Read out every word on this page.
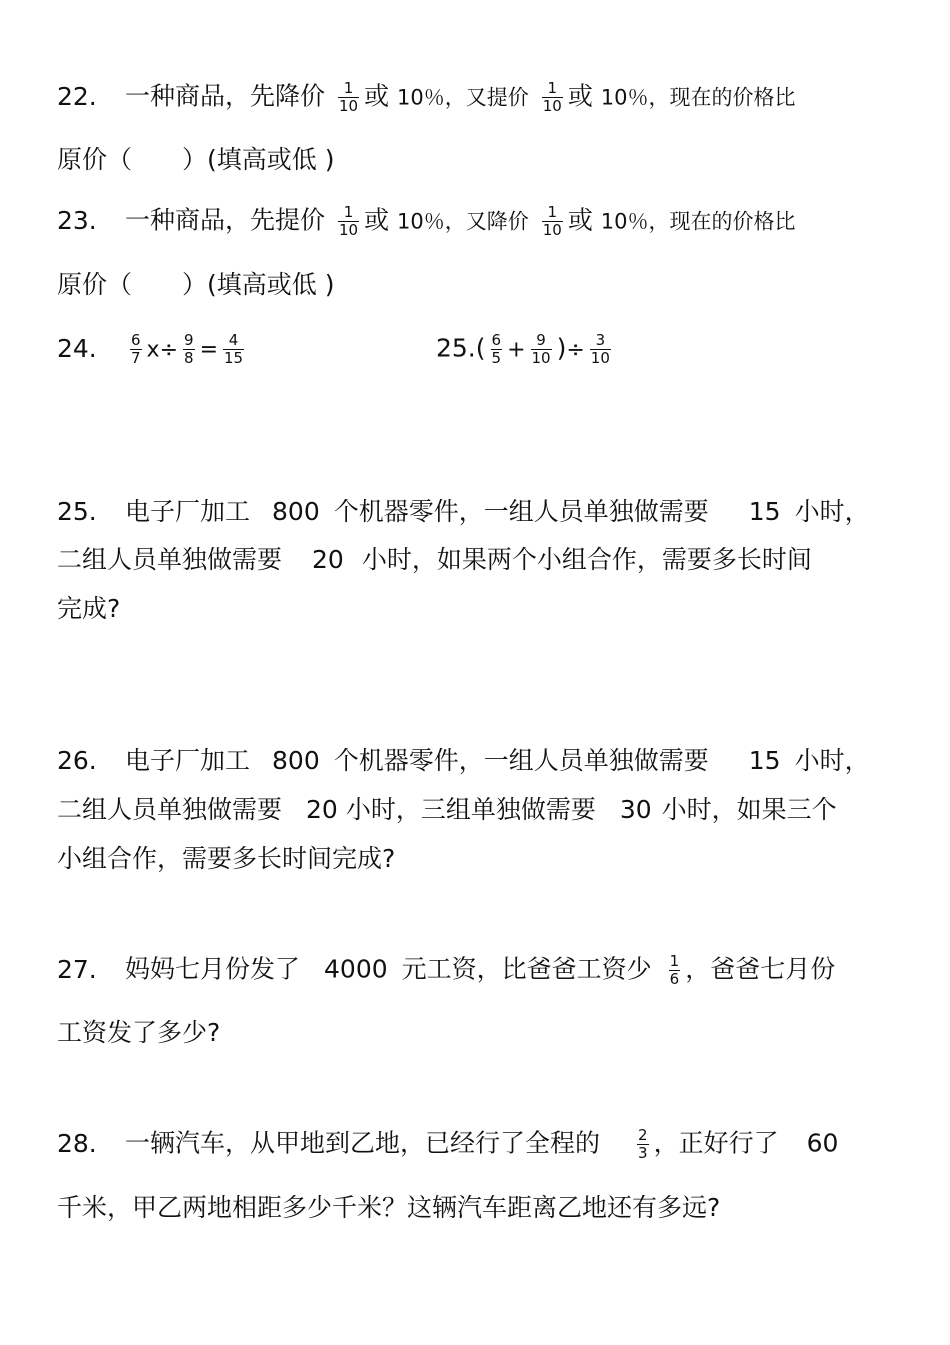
22. 一种商品，先降价 $\frac{1}{10}$ 或 10％，又提价 $\frac{1}{10}$ 或 10％，现在的价格比
原价（　　）(填高或低 )
23. 一种商品，先提价 $\frac{1}{10}$ 或 10％，又降价 $\frac{1}{10}$ 或 10％，现在的价格比
原价（　　）(填高或低 )
24. $\frac{6}{7} x\div \frac{9}{8} = \frac{4}{15}$	$25.( \frac{6}{5} + \frac{9}{10}$ )÷ $\frac{3}{10}$
25. 电子厂加工 800 个机器零件，一组人员单独做需要 15 小时，
二组人员单独做需要 20 小时，如果两个小组合作，需要多长时间
完成?
26. 电子厂加工 800 个机器零件，一组人员单独做需要 15 小时，
二组人员单独做需要 20 小时，三组单独做需要 30 小时，如果三个
小组合作，需要多长时间完成?
27. 妈妈七月份发了 4000 元工资，比爸爸工资少 $\frac{1}{6}$ ，爸爸七月份
工资发了多少?
28. 一辆汽车，从甲地到乙地，已经行了全程的 $\frac{2}{3}$ ，正好行了 60
千米，甲乙两地相距多少千米？这辆汽车距离乙地还有多远?
